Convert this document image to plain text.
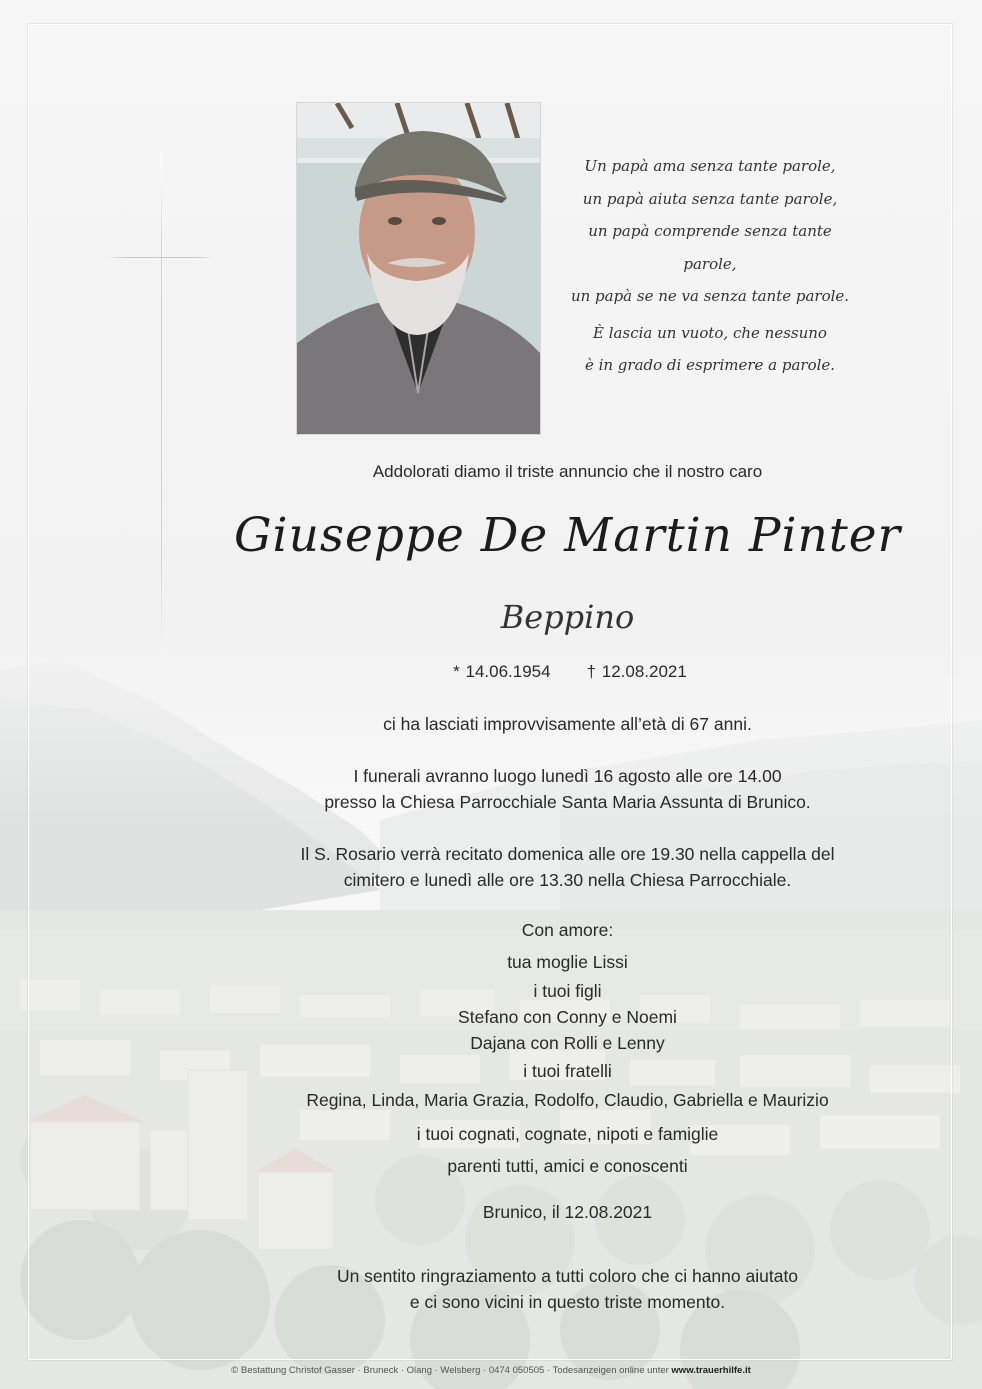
Un papà ama senza tante parole,
un papà aiuta senza tante parole,
un papà comprende senza tante parole,
un papà se ne va senza tante parole.
È lascia un vuoto, che nessuno
è in grado di esprimere a parole.
Addolorati diamo il triste annuncio che il nostro caro
Giuseppe De Martin Pinter
Beppino
* 14.06.1954 † 12.08.2021
ci ha lasciati improvvisamente all’età di 67 anni.
I funerali avranno luogo lunedì 16 agosto alle ore 14.00
presso la Chiesa Parrocchiale Santa Maria Assunta di Brunico.
Il S. Rosario verrà recitato domenica alle ore 19.30 nella cappella del
cimitero e lunedì alle ore 13.30 nella Chiesa Parrocchiale.
Con amore:
tua moglie Lissi
i tuoi figli
Stefano con Conny e Noemi
Dajana con Rolli e Lenny
i tuoi fratelli
Regina, Linda, Maria Grazia, Rodolfo, Claudio, Gabriella e Maurizio
i tuoi cognati, cognate, nipoti e famiglie
parenti tutti, amici e conoscenti
Brunico, il 12.08.2021
Un sentito ringraziamento a tutti coloro che ci hanno aiutato
e ci sono vicini in questo triste momento.
© Bestattung Christof Gasser · Bruneck · Olang · Welsberg · 0474 050505 · Todesanzeigen online unter www.trauerhilfe.it
